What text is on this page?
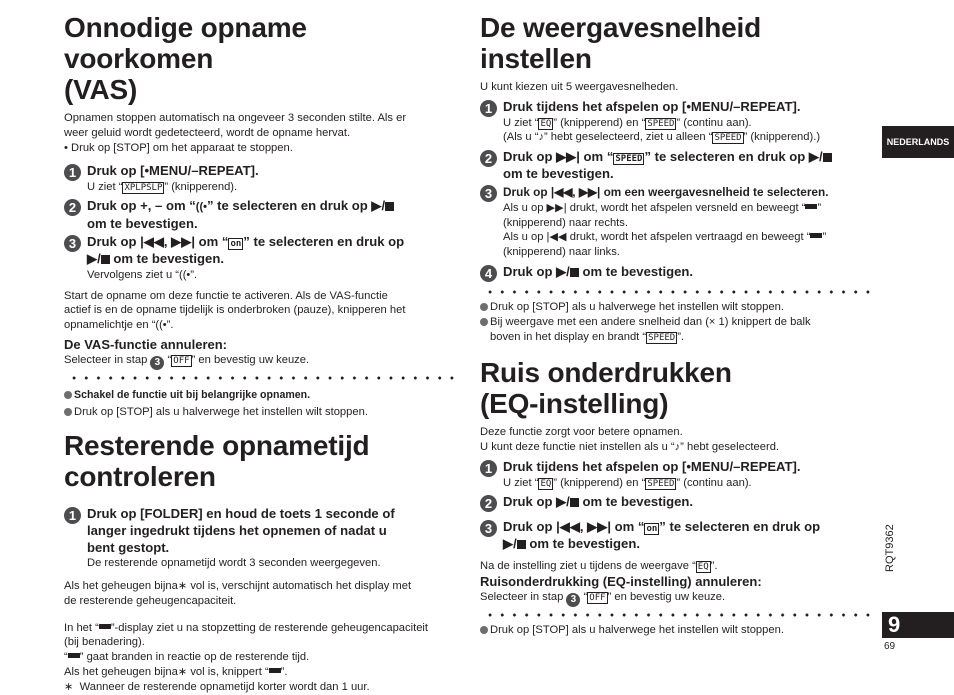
Onnodige opname voorkomen
(VAS)

Opnamen stoppen automatisch na ongeveer 3 seconden stilte. Als er
weer geluid wordt gedetecteerd, wordt de opname hervat.

• Druk op [STOP] om het apparaat te stoppen.

1 Druk op [•MENU/–REPEAT].
U ziet “ XPLPSLP ” (knipperend).
2 Druk op +, – om “((•” te selecteren en druk op ▶/
om te bevestigen.
3 Druk op |◀◀, ▶▶| om “ on ” te selecteren en druk op
▶/ om te bevestigen.
Vervolgens ziet u “((•”.

Start de opname om deze functie te activeren. Als de VAS-functie
actief is en de opname tijdelijk is onderbroken (pauze), knipperen het
opnamelichtje en “((•”.

De VAS-functie annuleren:

Selecteer in stap 3 “ OFF ” en bevestig uw keuze.

Schakel de functie uit bij belangrijke opnamen.
Druk op [STOP] als u halverwege het instellen wilt stoppen.
Resterende opnametijd
controleren
1 Druk op [FOLDER] en houd de toets 1 seconde of
langer ingedrukt tijdens het opnemen of nadat u
bent gestopt.
De resterende opnametijd wordt 3 seconden weergegeven.

Als het geheugen bijna∗ vol is, verschijnt automatisch het display met
de resterende geheugencapaciteit.

In het “ ”-display ziet u na stopzetting de resterende geheugencapaciteit
(bij benadering).

“ ” gaat branden in reactie op de resterende tijd.

Als het geheugen bijna∗ vol is, knippert “ ”.

∗ Wanneer de resterende opnametijd korter wordt dan 1 uur.

De weergavesnelheid instellen

U kunt kiezen uit 5 weergavesnelheden.

1 Druk tijdens het afspelen op [•MENU/–REPEAT].
U ziet “ EQ ” (knipperend) en “ SPEED ” (continu aan).
(Als u “♪” hebt geselecteerd, ziet u alleen “ SPEED ” (knipperend).)
2 Druk op ▶▶| om “ SPEED ” te selecteren en druk op ▶/
om te bevestigen.
3 Druk op |◀◀, ▶▶| om een weergavesnelheid te selecteren.
Als u op ▶▶| drukt, wordt het afspelen versneld en beweegt “ ”
(knipperend) naar rechts.
Als u op |◀◀ drukt, wordt het afspelen vertraagd en beweegt “ ”
(knipperend) naar links.
4 Druk op ▶/ om te bevestigen.
Druk op [STOP] als u halverwege het instellen wilt stoppen.
Bij weergave met een andere snelheid dan (× 1) knippert de balk
boven in het display en brandt “ SPEED ”.
Ruis onderdrukken
(EQ-instelling)

Deze functie zorgt voor betere opnamen.
U kunt deze functie niet instellen als u “♪” hebt geselecteerd.

1 Druk tijdens het afspelen op [•MENU/–REPEAT].
U ziet “ EQ ” (knipperend) en “ SPEED ” (continu aan).
2 Druk op ▶/ om te bevestigen.
3 Druk op |◀◀, ▶▶| om “ on ” te selecteren en druk op
▶/ om te bevestigen.

Na de instelling ziet u tijdens de weergave “ EQ ”.

Ruisonderdrukking (EQ-instelling) annuleren:

Selecteer in stap 3 “ OFF ” en bevestig uw keuze.

Druk op [STOP] als u halverwege het instellen wilt stoppen.
NEDERLANDS
RQT9362
9
69
